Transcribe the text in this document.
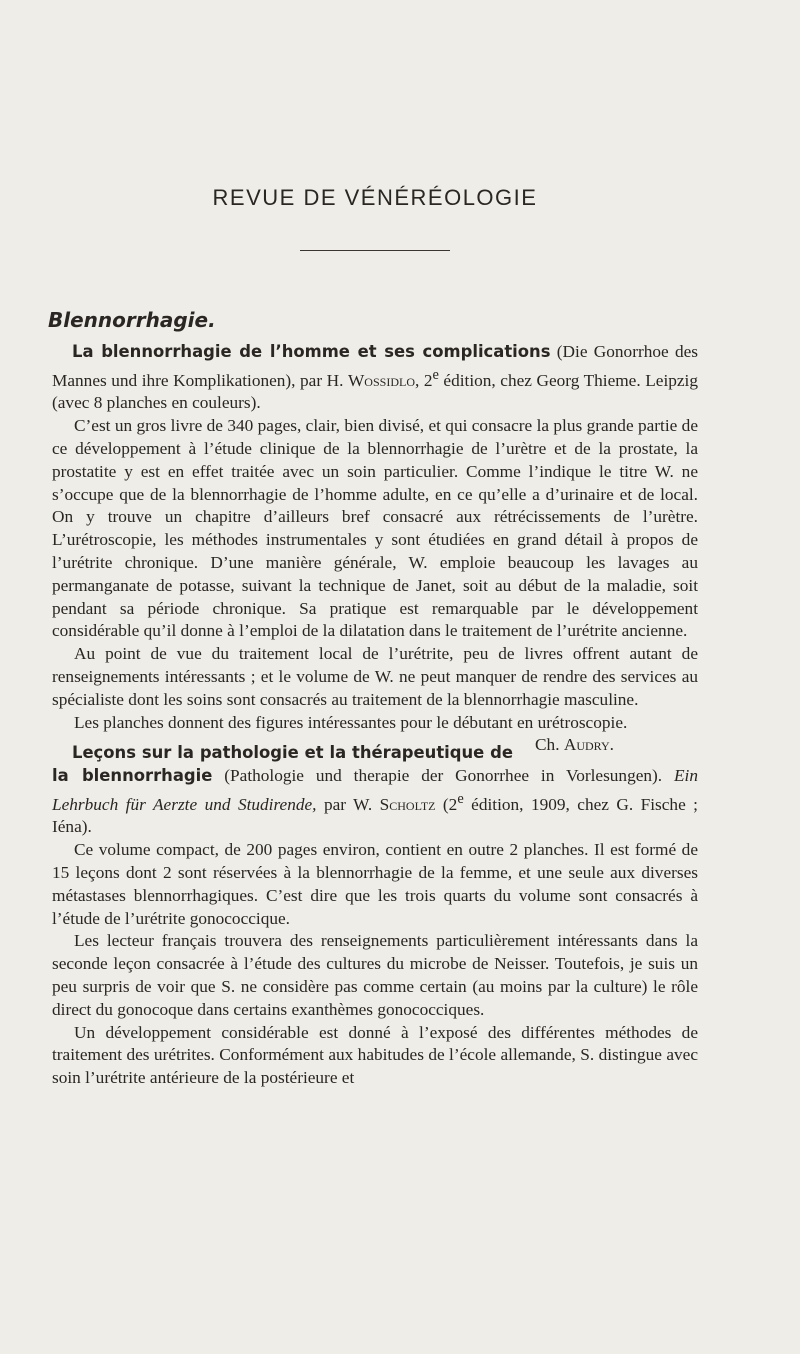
REVUE DE VÉNÉRÉOLOGIE
Blennorrhagie.

La blennorrhagie de l’homme et ses complications (Die Gonorrhoe des Mannes und ihre Komplikationen), par H. Wossidlo, 2e édition, chez Georg Thieme. Leipzig (avec 8 planches en couleurs).

C’est un gros livre de 340 pages, clair, bien divisé, et qui consacre la plus grande partie de ce développement à l’étude clinique de la blennorrhagie de l’urètre et de la prostate, la prostatite y est en effet traitée avec un soin particulier. Comme l’indique le titre W. ne s’occupe que de la blennorrhagie de l’homme adulte, en ce qu’elle a d’urinaire et de local. On y trouve un chapitre d’ailleurs bref consacré aux rétrécissements de l’urètre. L’urétroscopie, les méthodes instrumentales y sont étudiées en grand détail à propos de l’urétrite chronique. D’une manière générale, W. emploie beaucoup les lavages au permanganate de potasse, suivant la technique de Janet, soit au début de la maladie, soit pendant sa période chronique. Sa pratique est remarquable par le développement considérable qu’il donne à l’emploi de la dilatation dans le traitement de l’urétrite ancienne.

Au point de vue du traitement local de l’urétrite, peu de livres offrent autant de renseignements intéressants ; et le volume de W. ne peut manquer de rendre des services au spécialiste dont les soins sont consacrés au traitement de la blennorrhagie masculine.

Les planches donnent des figures intéressantes pour le débutant en urétroscopie.
Ch. Audry.

Leçons sur la pathologie et la thérapeutique de la blennorrhagie (Pathologie und therapie der Gonorrhee in Vorlesungen). Ein Lehrbuch für Aerzte und Studirende, par W. Scholtz (2e édition, 1909, chez G. Fische ; Iéna).

Ce volume compact, de 200 pages environ, contient en outre 2 planches. Il est formé de 15 leçons dont 2 sont réservées à la blennorrhagie de la femme, et une seule aux diverses métastases blennorrhagiques. C’est dire que les trois quarts du volume sont consacrés à l’étude de l’urétrite gonococcique.

Les lecteur français trouvera des renseignements particulièrement intéressants dans la seconde leçon consacrée à l’étude des cultures du microbe de Neisser. Toutefois, je suis un peu surpris de voir que S. ne considère pas comme certain (au moins par la culture) le rôle direct du gonocoque dans certains exanthèmes gonococciques.

Un développement considérable est donné à l’exposé des différentes méthodes de traitement des urétrites. Conformément aux habitudes de l’école allemande, S. distingue avec soin l’urétrite antérieure de la postérieure et
